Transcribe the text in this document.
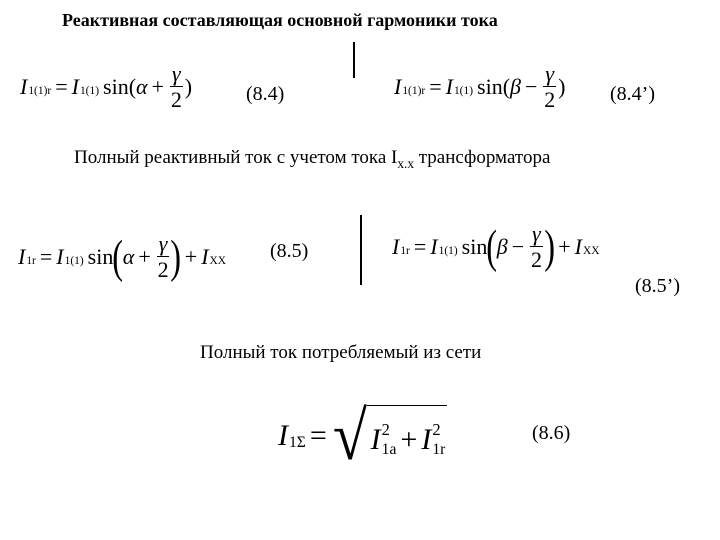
Реактивная составляющая основной гармоники тока
I 1(1)r = I 1(1) sin ( $\alpha + \frac{\gamma}{2}$ )	(8.4)	I 1(1)r = I 1(1) sin ( $\beta - \frac{\gamma}{2}$ ) (8.4’)
Полный реактивный ток с учетом тока $I_{x.x}$ трансформатора
I 1r = I 1(1) sin ( $\alpha + \frac{\gamma}{2}$ ) + I XX (8.5)	I 1r = I 1(1) sin ( $\beta - \frac{\gamma}{2}$ ) + I XX
(8.5’)
Полный ток потребляемый из сети
I 1Σ = √ I 2
1a + I 2
1r
(8.6)
